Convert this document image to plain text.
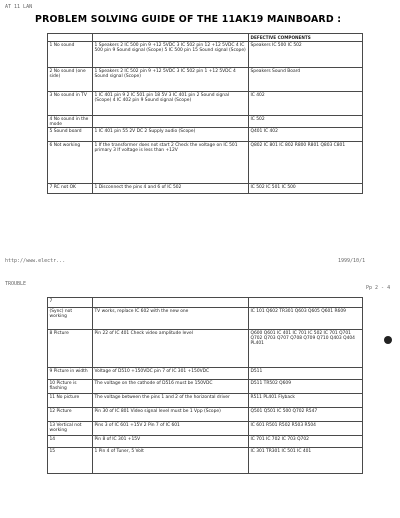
AT 11 LAN
PROBLEM SOLVING GUIDE OF THE 11AK19 MAINBOARD :
		DEFECTIVE COMPONENTS
1 No sound	1 Speakers 2 IC 500 pin 9 +12 5VDC 3 IC 502 pin 12 +12 5VDC 4 IC 500 pin 9 Sound signal (Scope) 5 IC 500 pin 15 Sound signal (Scope)	Speakers IC 500 IC 502
2 No sound (one side)	1 Speakers 2 IC 502 pin 9 +12 5VDC 3 IC 502 pin 1 +12 5VDC 4 Sound signal (Scope)	Speakers Sound Board
3 No sound in TV	1 IC 401 pin 9 2 IC 501 pin 18 5V 3 IC 401 pin 2 Sound signal (Scope) 4 IC 402 pin 9 Sound signal (Scope)	IC 402
4 No sound in the mode		IC 502
5 Sound board	1 IC 401 pin 55 2V DC 2 Supply audio (Scope)	Q401 IC 402
6 Not working	1 If the transformer does not start 2 Check the voltage on IC 501 primary 3 If voltage is less than +12V	Q802 IC 801 IC 802 R800 R801 Q803 C801
7 RC not OK	1 Disconnect the pins 4 and 6 of IC 502	IC 502 IC 501 IC 500
http://www.electr...	1999/10/1
TROUBLE
Pp 2 - 4
7		
(Sync) not working	TV works, replace IC 602 with the new one	IC 101 Q602 TR301 Q603 Q605 Q601 R609
8 Picture	Pin 22 of IC 401 Check video amplitude level	Q600 Q601 IC 401 IC 701 IC 502 IC 701 Q701 Q702 Q703 Q707 Q708 Q709 Q710 Q403 Q404 PL401
9 Picture in width	Voltage of D510 +150VDC pin 7 of IC 301 +150VDC	D511
10 Picture is flashing	The voltage on the cathode of D516 must be 150VDC	D511 TR502 Q609
11 No picture	The voltage between the pins 1 and 2 of the horizontal driver	R511 PL401 Flyback
12 Picture	Pin 30 of IC 801 Video signal level must be 1 Vpp (Scope)	Q501 Q501 IC 500 Q702 R547
13 Vertical not working	Pins 3 of IC 601 +15V 2 Pin 7 of IC 601	IC 601 R501 R502 R503 R504
14	Pin 8 of IC 301 +15V	IC 701 IC 702 IC 703 Q702
15	1 Pin 4 of Tuner, 5 Volt	IC 301 TR301 IC 501 IC 401
